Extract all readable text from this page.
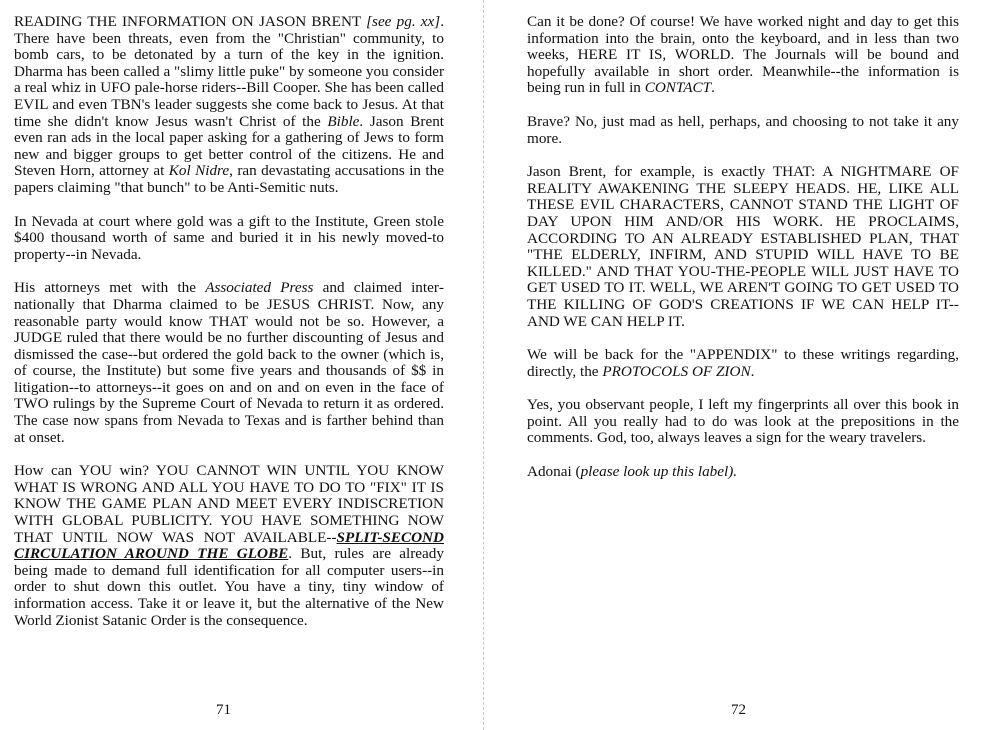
READING THE INFORMATION ON JASON BRENT [see pg. xx]. There have been threats, even from the "Christian" community, to bomb cars, to be detonated by a turn of the key in the ignition. Dharma has been called a "slimy little puke" by someone you consider a real whiz in UFO pale-horse riders--Bill Cooper. She has been called EVIL and even TBN's leader suggests she come back to Jesus. At that time she didn't know Jesus wasn't Christ of the Bible. Jason Brent even ran ads in the local paper asking for a gathering of Jews to form new and bigger groups to get better control of the citizens. He and Steven Horn, attorney at Kol Nidre, ran devastating accusations in the papers claiming "that bunch" to be Anti-Semitic nuts.

In Nevada at court where gold was a gift to the Institute, Green stole $400 thousand worth of same and buried it in his newly moved-to property--in Nevada.

His attorneys met with the Associated Press and claimed internationally that Dharma claimed to be JESUS CHRIST. Now, any reasonable party would know THAT would not be so. However, a JUDGE ruled that there would be no further discounting of Jesus and dismissed the case--but ordered the gold back to the owner (which is, of course, the Institute) but some five years and thousands of $$ in litigation--to attorneys--it goes on and on and on even in the face of TWO rulings by the Supreme Court of Nevada to return it as ordered. The case now spans from Nevada to Texas and is farther behind than at onset.

How can YOU win? YOU CANNOT WIN UNTIL YOU KNOW WHAT IS WRONG AND ALL YOU HAVE TO DO TO "FIX" IT IS KNOW THE GAME PLAN AND MEET EVERY INDISCRETION WITH GLOBAL PUBLICITY. YOU HAVE SOMETHING NOW THAT UNTIL NOW WAS NOT AVAILABLE--SPLIT-SECOND CIRCULATION AROUND THE GLOBE. But, rules are already being made to demand full identification for all computer users--in order to shut down this outlet. You have a tiny, tiny window of information access. Take it or leave it, but the alternative of the New World Zionist Satanic Order is the consequence.

71

Can it be done? Of course! We have worked night and day to get this information into the brain, onto the keyboard, and in less than two weeks, HERE IT IS, WORLD. The Journals will be bound and hopefully available in short order. Meanwhile--the information is being run in full in CONTACT.

Brave? No, just mad as hell, perhaps, and choosing to not take it any more.

Jason Brent, for example, is exactly THAT: A NIGHTMARE OF REALITY AWAKENING THE SLEEPY HEADS. HE, LIKE ALL THESE EVIL CHARACTERS, CANNOT STAND THE LIGHT OF DAY UPON HIM AND/OR HIS WORK. HE PROCLAIMS, ACCORDING TO AN ALREADY ESTABLISHED PLAN, THAT "THE ELDERLY, INFIRM, AND STUPID WILL HAVE TO BE KILLED." AND THAT YOU-THE-PEOPLE WILL JUST HAVE TO GET USED TO IT. WELL, WE AREN'T GOING TO GET USED TO THE KILLING OF GOD'S CREATIONS IF WE CAN HELP IT--AND WE CAN HELP IT.

We will be back for the "APPENDIX" to these writings regarding, directly, the PROTOCOLS OF ZION.

Yes, you observant people, I left my fingerprints all over this book in point. All you really had to do was look at the prepositions in the comments. God, too, always leaves a sign for the weary travelers.

Adonai (please look up this label).

72
